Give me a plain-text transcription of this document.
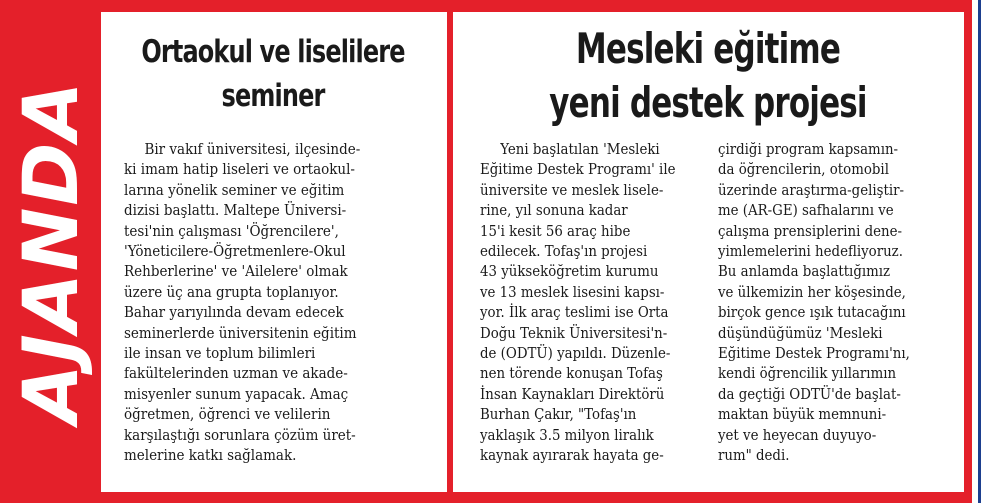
AJANDA
Ortaokul ve liselilere
seminer
Bir vakıf üniversitesi, ilçesinde-
ki imam hatip liseleri ve ortaokul-
larına yönelik seminer ve eğitim
dizisi başlattı. Maltepe Üniversi-
tesi'nin çalışması 'Öğrencilere',
'Yöneticilere-Öğretmenlere-Okul
Rehberlerine' ve 'Ailelere' olmak
üzere üç ana grupta toplanıyor.
Bahar yarıyılında devam edecek
seminerlerde üniversitenin eğitim
ile insan ve toplum bilimleri
fakültelerinden uzman ve akade-
misyenler sunum yapacak. Amaç
öğretmen, öğrenci ve velilerin
karşılaştığı sorunlara çözüm üret-
melerine katkı sağlamak.
Mesleki eğitime
yeni destek projesi
Yeni başlatılan 'Mesleki
Eğitime Destek Programı' ile
üniversite ve meslek lisele-
rine, yıl sonuna kadar
15'i kesit 56 araç hibe
edilecek. Tofaş'ın projesi
43 yükseköğretim kurumu
ve 13 meslek lisesini kapsı-
yor. İlk araç teslimi ise Orta
Doğu Teknik Üniversitesi'n-
de (ODTÜ) yapıldı. Düzenle-
nen törende konuşan Tofaş
İnsan Kaynakları Direktörü
Burhan Çakır, "Tofaş'ın
yaklaşık 3.5 milyon liralık
kaynak ayırarak hayata ge-
çirdiği program kapsamın-
da öğrencilerin, otomobil
üzerinde araştırma-geliştir-
me (AR-GE) safhalarını ve
çalışma prensiplerini dene-
yimlemelerini hedefliyoruz.
Bu anlamda başlattığımız
ve ülkemizin her köşesinde,
birçok gence ışık tutacağını
düşündüğümüz 'Mesleki
Eğitime Destek Programı'nı,
kendi öğrencilik yıllarımın
da geçtiği ODTÜ'de başlat-
maktan büyük memnuni-
yet ve heyecan duyuyo-
rum" dedi.
